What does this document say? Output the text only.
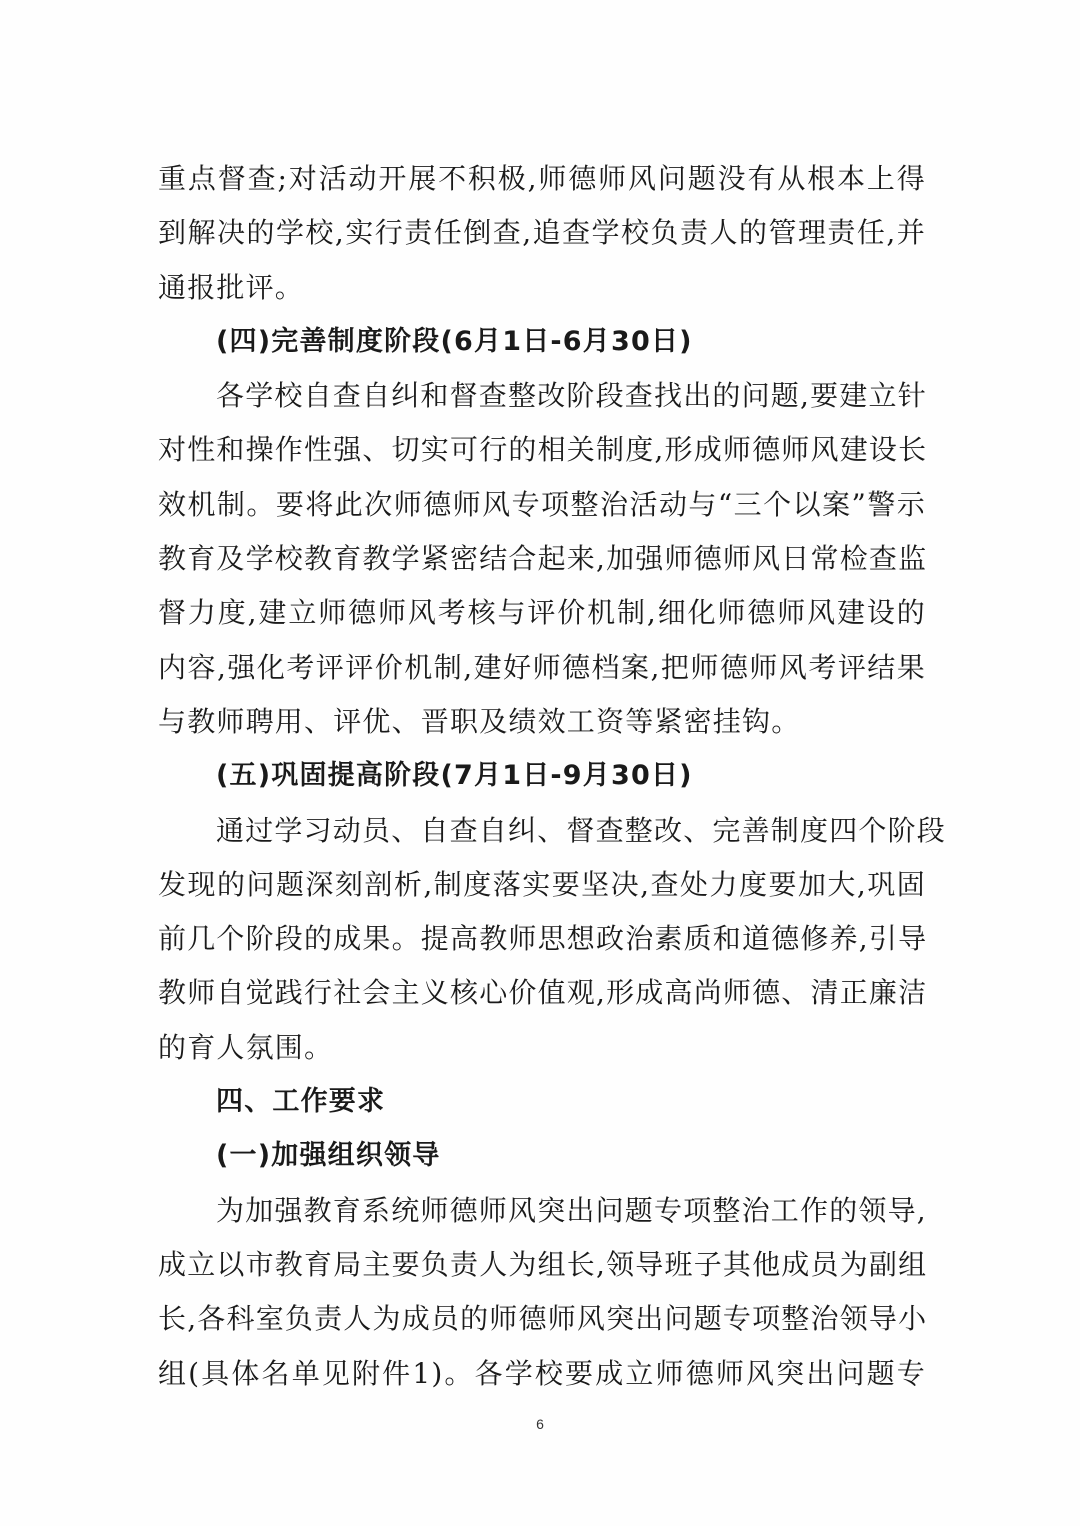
重点督查;对活动开展不积极,师德师风问题没有从根本上得
到解决的学校,实行责任倒查,追查学校负责人的管理责任,并
通报批评。
(四)完善制度阶段(6月1日-6月30日)
各学校自查自纠和督查整改阶段查找出的问题,要建立针
对性和操作性强、切实可行的相关制度,形成师德师风建设长
效机制。要将此次师德师风专项整治活动与“三个以案”警示
教育及学校教育教学紧密结合起来,加强师德师风日常检查监
督力度,建立师德师风考核与评价机制,细化师德师风建设的
内容,强化考评评价机制,建好师德档案,把师德师风考评结果
与教师聘用、评优、晋职及绩效工资等紧密挂钩。
(五)巩固提高阶段(7月1日-9月30日)
通过学习动员、自查自纠、督查整改、完善制度四个阶段
发现的问题深刻剖析,制度落实要坚决,查处力度要加大,巩固
前几个阶段的成果。提高教师思想政治素质和道德修养,引导
教师自觉践行社会主义核心价值观,形成高尚师德、清正廉洁
的育人氛围。
四、工作要求
(一)加强组织领导
为加强教育系统师德师风突出问题专项整治工作的领导,
成立以市教育局主要负责人为组长,领导班子其他成员为副组
长,各科室负责人为成员的师德师风突出问题专项整治领导小
组(具体名单见附件1)。各学校要成立师德师风突出问题专
6
